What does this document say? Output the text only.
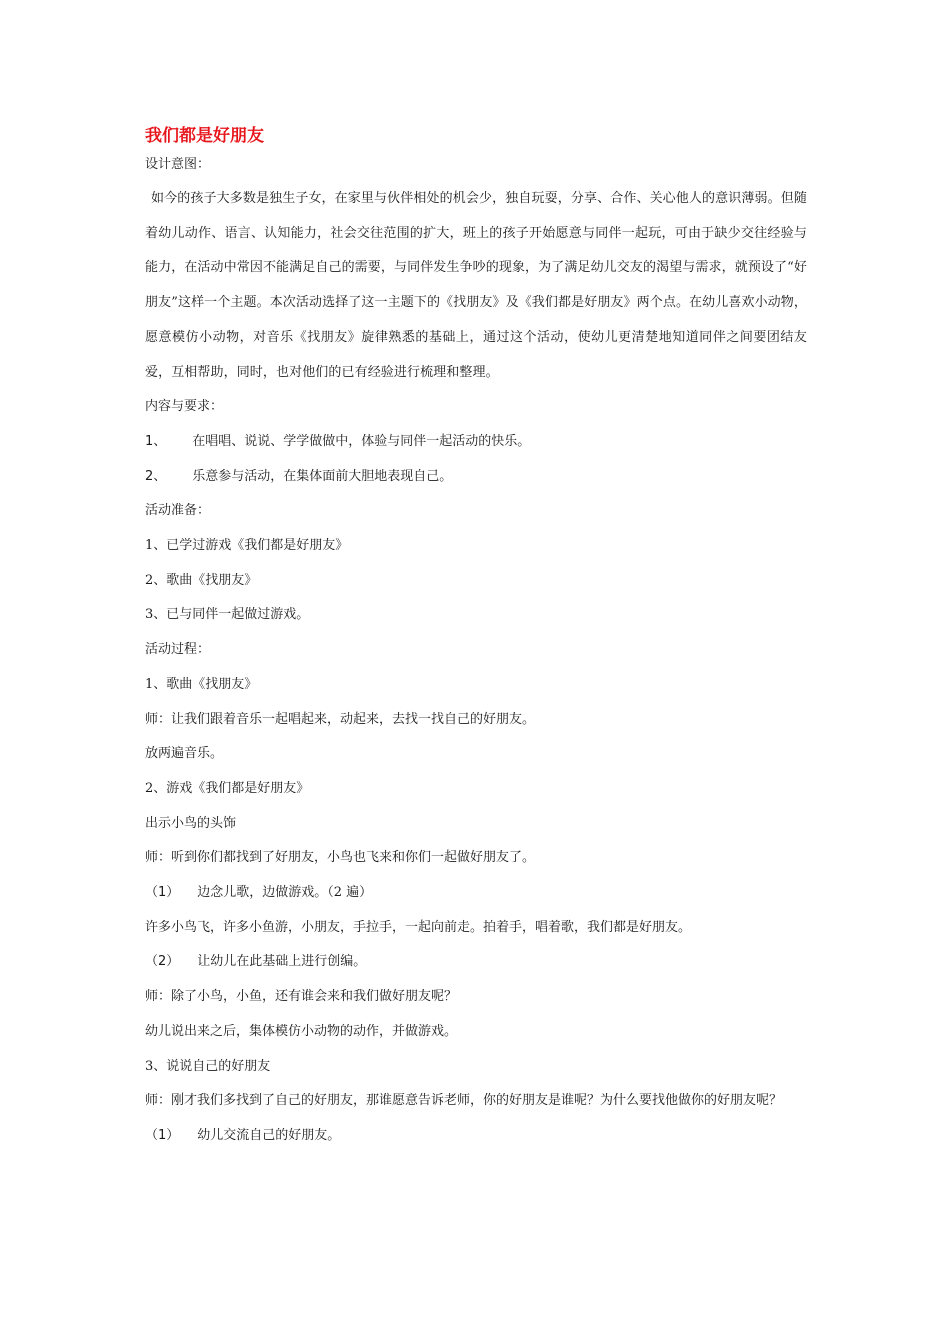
我们都是好朋友

设计意图：

如今的孩子大多数是独生子女，在家里与伙伴相处的机会少，独自玩耍，分享、合作、关心他人的意识薄弱。但随着幼儿动作、语言、认知能力，社会交往范围的扩大，班上的孩子开始愿意与同伴一起玩，可由于缺少交往经验与能力，在活动中常因不能满足自己的需要，与同伴发生争吵的现象，为了满足幼儿交友的渴望与需求，就预设了“好朋友”这样一个主题。本次活动选择了这一主题下的《找朋友》及《我们都是好朋友》两个点。在幼儿喜欢小动物，愿意模仿小动物，对音乐《找朋友》旋律熟悉的基础上，通过这个活动，使幼儿更清楚地知道同伴之间要团结友爱，互相帮助，同时，也对他们的已有经验进行梳理和整理。

内容与要求：

1、 在唱唱、说说、学学做做中，体验与同伴一起活动的快乐。

2、 乐意参与活动，在集体面前大胆地表现自己。

活动准备：

1、已学过游戏《我们都是好朋友》

2、歌曲《找朋友》

3、已与同伴一起做过游戏。

活动过程：

1、歌曲《找朋友》

师：让我们跟着音乐一起唱起来，动起来，去找一找自己的好朋友。

放两遍音乐。

2、游戏《我们都是好朋友》

出示小鸟的头饰

师：听到你们都找到了好朋友，小鸟也飞来和你们一起做好朋友了。

（1） 边念儿歌，边做游戏。（2 遍）

许多小鸟飞，许多小鱼游，小朋友，手拉手，一起向前走。拍着手，唱着歌，我们都是好朋友。

（2） 让幼儿在此基础上进行创编。

师：除了小鸟，小鱼，还有谁会来和我们做好朋友呢？

幼儿说出来之后，集体模仿小动物的动作，并做游戏。

3、说说自己的好朋友

师：刚才我们多找到了自己的好朋友，那谁愿意告诉老师，你的好朋友是谁呢？为什么要找他做你的好朋友呢？

（1） 幼儿交流自己的好朋友。
